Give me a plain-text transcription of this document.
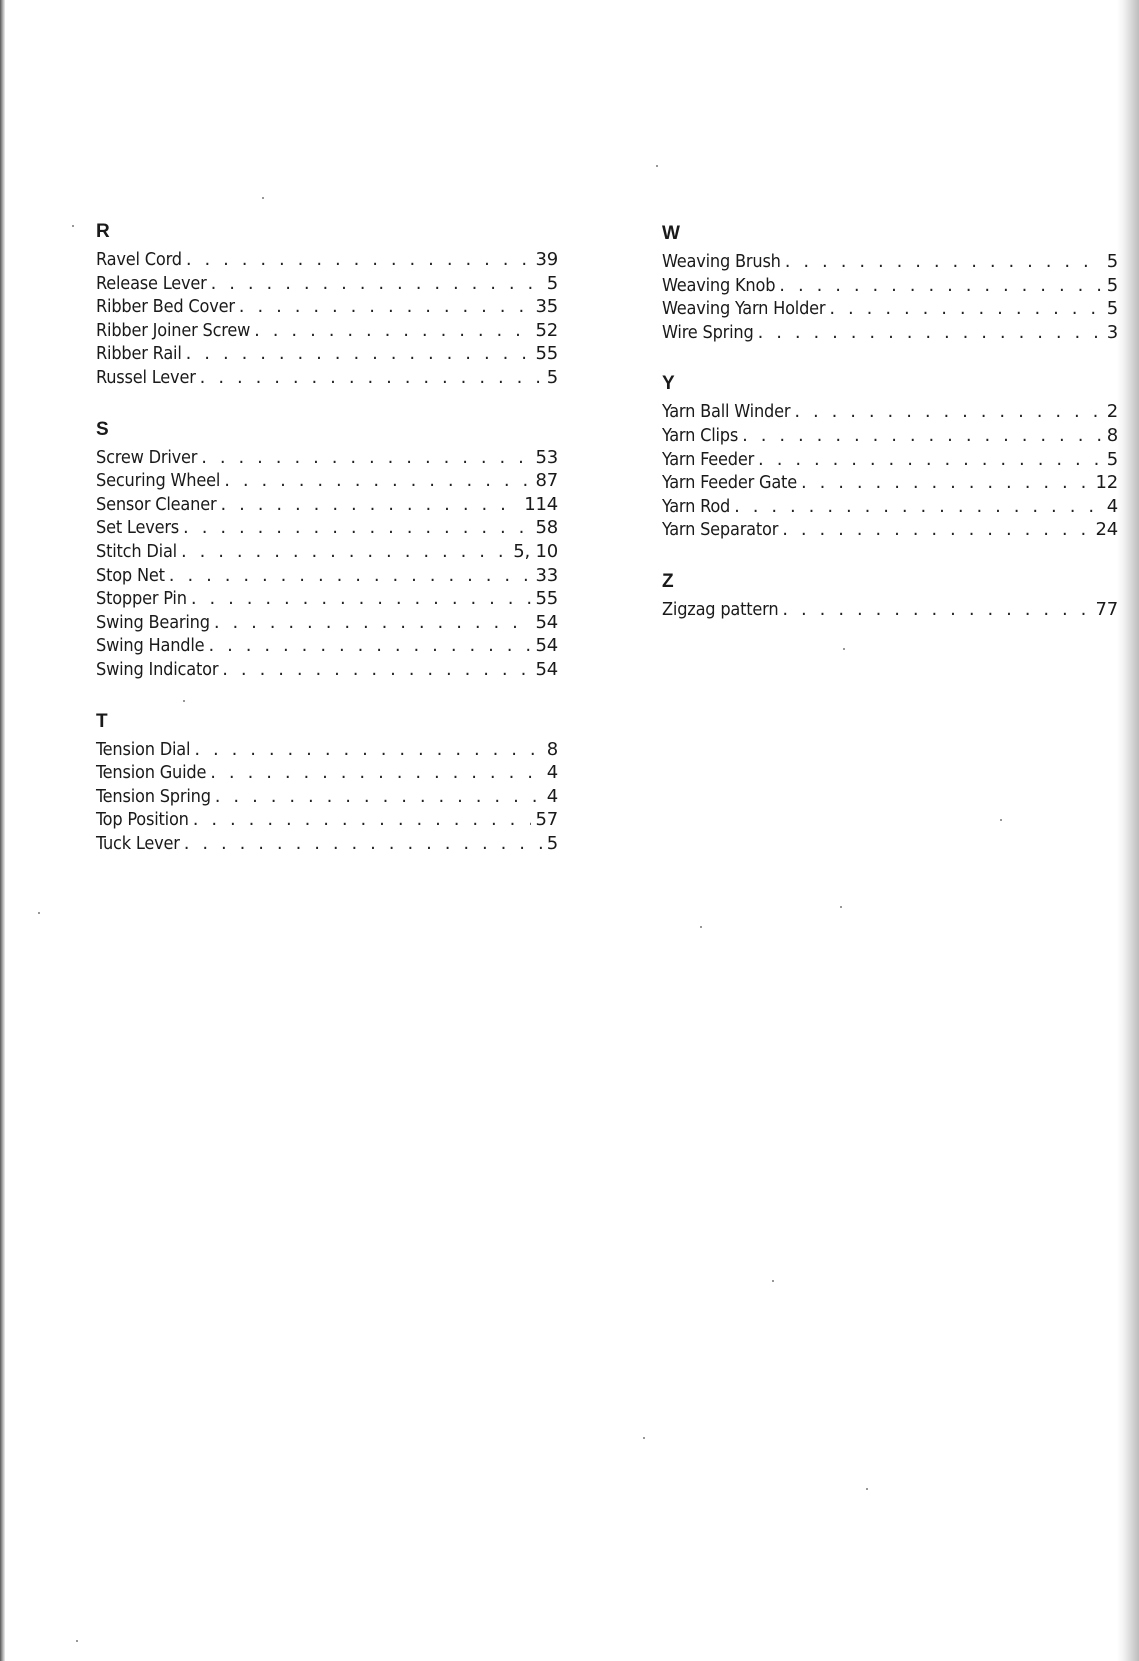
R
Ravel Cord . . .	39
Release Lever . . .	5
Ribber Bed Cover . . .	35
Ribber Joiner Screw . . .	52
Ribber Rail . . .	55
Russel Lever . . .	5
S
Screw Driver . . .	53
Securing Wheel . . .	87
Sensor Cleaner . . .	114
Set Levers . . .	58
Stitch Dial . . .	5, 10
Stop Net . . .	33
Stopper Pin . . .	55
Swing Bearing . . .	54
Swing Handle . . .	54
Swing Indicator . . .	54
T
Tension Dial . . .	8
Tension Guide . . .	4
Tension Spring . . .	4
Top Position . . .	57
Tuck Lever . . .	5
W
Weaving Brush . . .	5
Weaving Knob . . .	5
Weaving Yarn Holder . . .	5
Wire Spring . . .	3
Y
Yarn Ball Winder . . .	2
Yarn Clips . . .	8
Yarn Feeder . . .	5
Yarn Feeder Gate . . .	12
Yarn Rod . . .	4
Yarn Separator . . .	24
Z
Zigzag pattern . . .	77
